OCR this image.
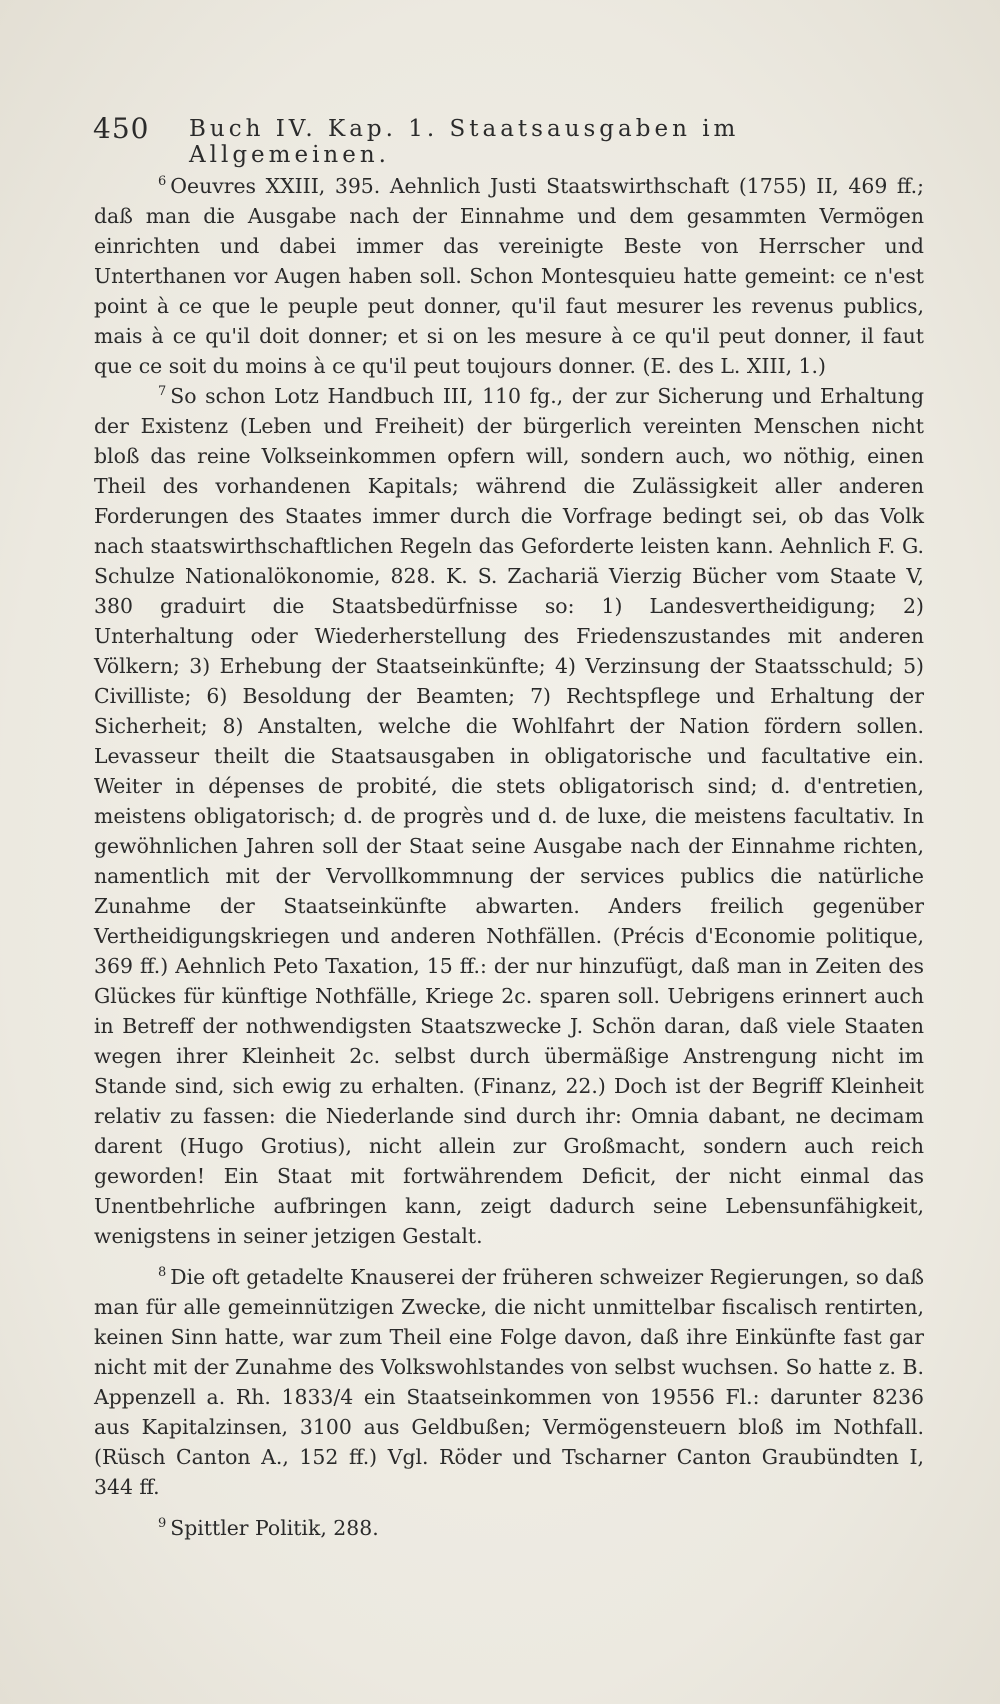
450 Buch IV. Kap. 1. Staatsausgaben im Allgemeinen.

$^6$ Oeuvres XXIII, 395. Aehnlich Justi Staatswirthschaft (1755) II, 469 ff.; daß man die Ausgabe nach der Einnahme und dem gesammten Vermögen einrichten und dabei immer das vereinigte Beste von Herrscher und Unterthanen vor Augen haben soll. Schon Montesquieu hatte gemeint: ce n'est point à ce que le peuple peut donner, qu'il faut mesurer les revenus publics, mais à ce qu'il doit donner; et si on les mesure à ce qu'il peut donner, il faut que ce soit du moins à ce qu'il peut toujours donner. (E. des L. XIII, 1.)

$^7$ So schon Lotz Handbuch III, 110 fg., der zur Sicherung und Erhaltung der Existenz (Leben und Freiheit) der bürgerlich vereinten Menschen nicht bloß das reine Volkseinkommen opfern will, sondern auch, wo nöthig, einen Theil des vorhandenen Kapitals; während die Zulässigkeit aller anderen Forderungen des Staates immer durch die Vorfrage bedingt sei, ob das Volk nach staatswirthschaftlichen Regeln das Geforderte leisten kann. Aehnlich F. G. Schulze Nationalökonomie, 828. K. S. Zachariä Vierzig Bücher vom Staate V, 380 graduirt die Staatsbedürfnisse so: 1) Landesvertheidigung; 2) Unterhaltung oder Wiederherstellung des Friedenszustandes mit anderen Völkern; 3) Erhebung der Staatseinkünfte; 4) Verzinsung der Staatsschuld; 5) Civilliste; 6) Besoldung der Beamten; 7) Rechtspflege und Erhaltung der Sicherheit; 8) Anstalten, welche die Wohlfahrt der Nation fördern sollen. Levasseur theilt die Staatsausgaben in obligatorische und facultative ein. Weiter in dépenses de probité, die stets obligatorisch sind; d. d'entretien, meistens obligatorisch; d. de progrès und d. de luxe, die meistens facultativ. In gewöhnlichen Jahren soll der Staat seine Ausgabe nach der Einnahme richten, namentlich mit der Vervollkommnung der services publics die natürliche Zunahme der Staatseinkünfte abwarten. Anders freilich gegenüber Vertheidigungskriegen und anderen Nothfällen. (Précis d'Economie politique, 369 ff.) Aehnlich Peto Taxation, 15 ff.: der nur hinzufügt, daß man in Zeiten des Glückes für künftige Nothfälle, Kriege 2c. sparen soll. Uebrigens erinnert auch in Betreff der nothwendigsten Staatszwecke J. Schön daran, daß viele Staaten wegen ihrer Kleinheit 2c. selbst durch übermäßige Anstrengung nicht im Stande sind, sich ewig zu erhalten. (Finanz, 22.) Doch ist der Begriff Kleinheit relativ zu fassen: die Niederlande sind durch ihr: Omnia dabant, ne decimam darent (Hugo Grotius), nicht allein zur Großmacht, sondern auch reich geworden! Ein Staat mit fortwährendem Deficit, der nicht einmal das Unentbehrliche aufbringen kann, zeigt dadurch seine Lebensunfähigkeit, wenigstens in seiner jetzigen Gestalt.

$^8$ Die oft getadelte Knauserei der früheren schweizer Regierungen, so daß man für alle gemeinnützigen Zwecke, die nicht unmittelbar fiscalisch rentirten, keinen Sinn hatte, war zum Theil eine Folge davon, daß ihre Einkünfte fast gar nicht mit der Zunahme des Volkswohlstandes von selbst wuchsen. So hatte z. B. Appenzell a. Rh. 1833/4 ein Staatseinkommen von 19556 Fl.: darunter 8236 aus Kapitalzinsen, 3100 aus Geldbußen; Vermögensteuern bloß im Nothfall. (Rüsch Canton A., 152 ff.) Vgl. Röder und Tscharner Canton Graubündten I, 344 ff.

$^9$ Spittler Politik, 288.
